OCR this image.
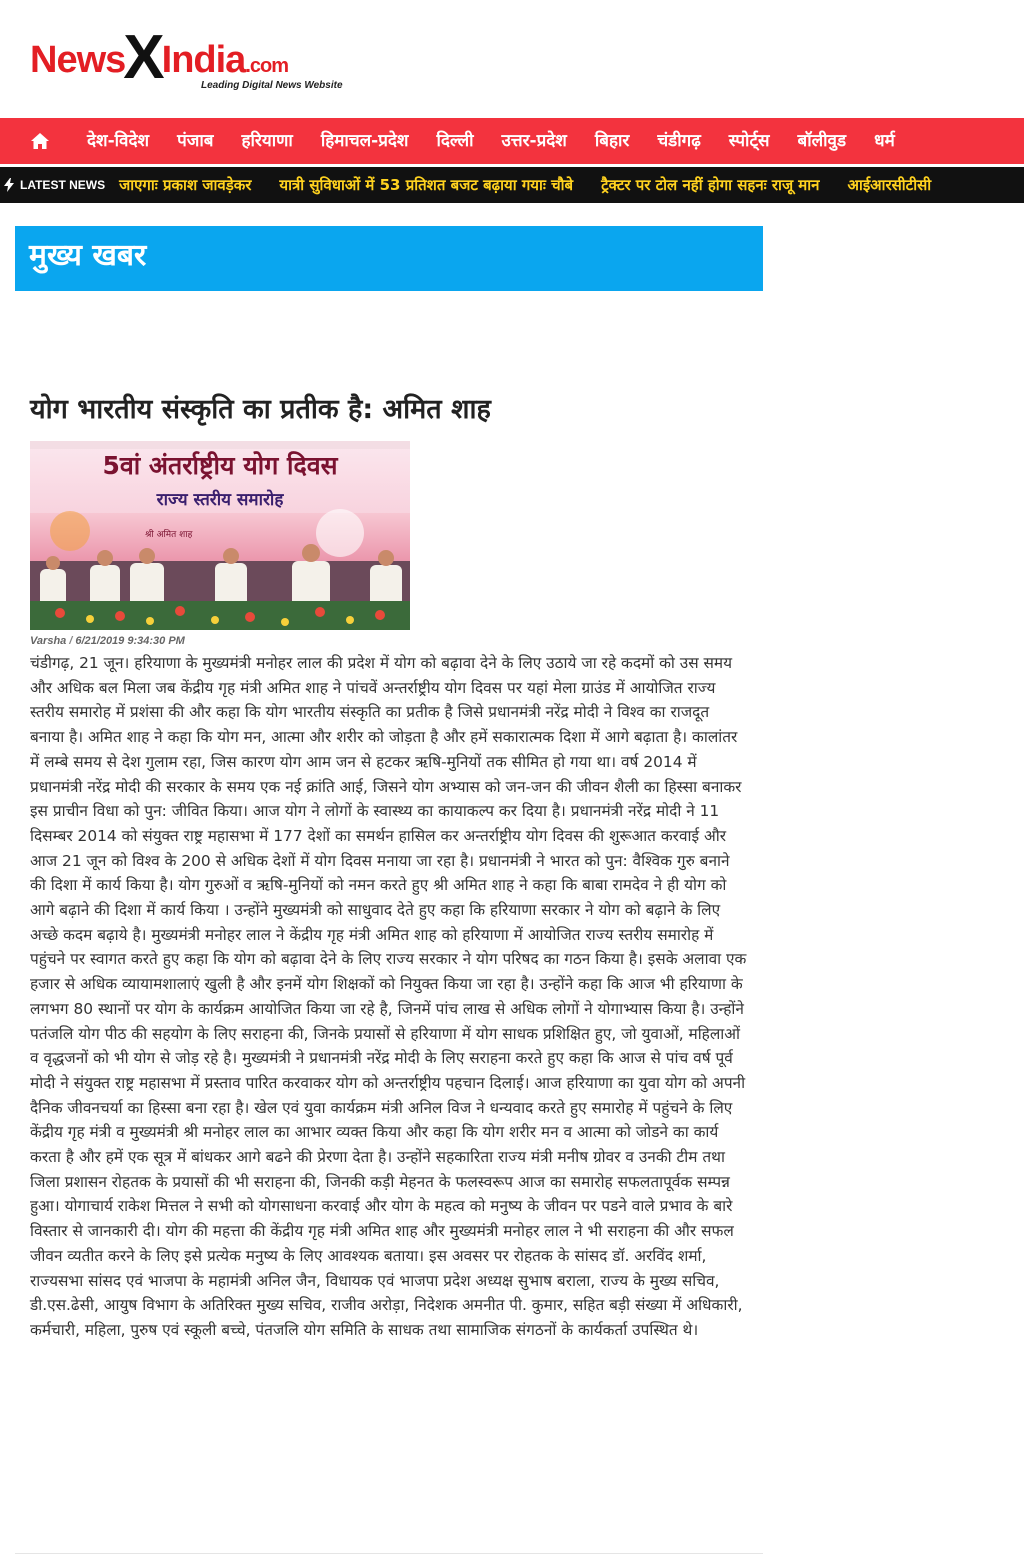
NewsXIndia.com
Leading Digital News Website
देश-विदेश	पंजाब	हरियाणा	हिमाचल-प्रदेश	दिल्ली	उत्तर-प्रदेश	बिहार	चंडीगढ़	स्पोर्ट्स	बॉलीवुड	धर्म
LATEST NEWS जाएगाः प्रकाश जावड़ेकर यात्री सुविधाओं में 53 प्रतिशत बजट बढ़ाया गयाः चौबे ट्रैक्टर पर टोल नहीं होगा सहनः राजू मान आईआरसीटीसी
मुख्य खबर
योग भारतीय संस्कृति का प्रतीक है: अमित शाह
5वां अंतर्राष्ट्रीय योग दिवस
राज्य स्तरीय समारोह
श्री अमित शाह
Varsha / 6/21/2019 9:34:30 PM

चंडीगढ़, 21 जून। हरियाणा के मुख्यमंत्री मनोहर लाल की प्रदेश में योग को बढ़ावा देने के लिए उठाये जा रहे कदमों को उस समय और अधिक बल मिला जब केंद्रीय गृह मंत्री अमित शाह ने पांचवें अन्तर्राष्ट्रीय योग दिवस पर यहां मेला ग्राउंड में आयोजित राज्य स्तरीय समारोह में प्रशंसा की और कहा कि योग भारतीय संस्कृति का प्रतीक है जिसे प्रधानमंत्री नरेंद्र मोदी ने विश्व का राजदूत बनाया है। अमित शाह ने कहा कि योग मन, आत्मा और शरीर को जोड़ता है और हमें सकारात्मक दिशा में आगे बढ़ाता है। कालांतर में लम्बे समय से देश गुलाम रहा, जिस कारण योग आम जन से हटकर ऋषि-मुनियों तक सीमित हो गया था। वर्ष 2014 में प्रधानमंत्री नरेंद्र मोदी की सरकार के समय एक नई क्रांति आई, जिसने योग अभ्यास को जन-जन की जीवन शैली का हिस्सा बनाकर इस प्राचीन विधा को पुन: जीवित किया। आज योग ने लोगों के स्वास्थ्य का कायाकल्प कर दिया है। प्रधानमंत्री नरेंद्र मोदी ने 11 दिसम्बर 2014 को संयुक्त राष्ट्र महासभा में 177 देशों का समर्थन हासिल कर अन्तर्राष्ट्रीय योग दिवस की शुरूआत करवाई और आज 21 जून को विश्व के 200 से अधिक देशों में योग दिवस मनाया जा रहा है। प्रधानमंत्री ने भारत को पुन: वैश्विक गुरु बनाने की दिशा में कार्य किया है। योग गुरुओं व ऋषि-मुनियों को नमन करते हुए श्री अमित शाह ने कहा कि बाबा रामदेव ने ही योग को आगे बढ़ाने की दिशा में कार्य किया । उन्होंने मुख्यमंत्री को साधुवाद देते हुए कहा कि हरियाणा सरकार ने योग को बढ़ाने के लिए अच्छे कदम बढ़ाये है। मुख्यमंत्री मनोहर लाल ने केंद्रीय गृह मंत्री अमित शाह को हरियाणा में आयोजित राज्य स्तरीय समारोह में पहुंचने पर स्वागत करते हुए कहा कि योग को बढ़ावा देने के लिए राज्य सरकार ने योग परिषद का गठन किया है। इसके अलावा एक हजार से अधिक व्यायामशालाएं खुली है और इनमें योग शिक्षकों को नियुक्त किया जा रहा है। उन्होंने कहा कि आज भी हरियाणा के लगभग 80 स्थानों पर योग के कार्यक्रम आयोजित किया जा रहे है, जिनमें पांच लाख से अधिक लोगों ने योगाभ्यास किया है। उन्होंने पतंजलि योग पीठ की सहयोग के लिए सराहना की, जिनके प्रयासों से हरियाणा में योग साधक प्रशिक्षित हुए, जो युवाओं, महिलाओं व वृद्धजनों को भी योग से जोड़ रहे है। मुख्यमंत्री ने प्रधानमंत्री नरेंद्र मोदी के लिए सराहना करते हुए कहा कि आज से पांच वर्ष पूर्व मोदी ने संयुक्त राष्ट्र महासभा में प्रस्ताव पारित करवाकर योग को अन्तर्राष्ट्रीय पहचान दिलाई। आज हरियाणा का युवा योग को अपनी दैनिक जीवनचर्या का हिस्सा बना रहा है। खेल एवं युवा कार्यक्रम मंत्री अनिल विज ने धन्यवाद करते हुए समारोह में पहुंचने के लिए केंद्रीय गृह मंत्री व मुख्यमंत्री श्री मनोहर लाल का आभार व्यक्त किया और कहा कि योग शरीर मन व आत्मा को जोडने का कार्य करता है और हमें एक सूत्र में बांधकर आगे बढने की प्रेरणा देता है। उन्होंने सहकारिता राज्य मंत्री मनीष ग्रोवर व उनकी टीम तथा जिला प्रशासन रोहतक के प्रयासों की भी सराहना की, जिनकी कड़ी मेहनत के फलस्वरूप आज का समारोह सफलतापूर्वक सम्पन्न हुआ। योगाचार्य राकेश मित्तल ने सभी को योगसाधना करवाई और योग के महत्व को मनुष्य के जीवन पर पडने वाले प्रभाव के बारे विस्तार से जानकारी दी। योग की महत्ता की केंद्रीय गृह मंत्री अमित शाह और मुख्यमंत्री मनोहर लाल ने भी सराहना की और सफल जीवन व्यतीत करने के लिए इसे प्रत्येक मनुष्य के लिए आवश्यक बताया। इस अवसर पर रोहतक के सांसद डॉ. अरविंद शर्मा, राज्यसभा सांसद एवं भाजपा के महामंत्री अनिल जैन, विधायक एवं भाजपा प्रदेश अध्यक्ष सुभाष बराला, राज्य के मुख्य सचिव, डी.एस.ढेसी, आयुष विभाग के अतिरिक्त मुख्य सचिव, राजीव अरोड़ा, निदेशक अमनीत पी. कुमार, सहित बड़ी संख्या में अधिकारी, कर्मचारी, महिला, पुरुष एवं स्कूली बच्चे, पंतजलि योग समिति के साधक तथा सामाजिक संगठनों के कार्यकर्ता उपस्थित थे।
